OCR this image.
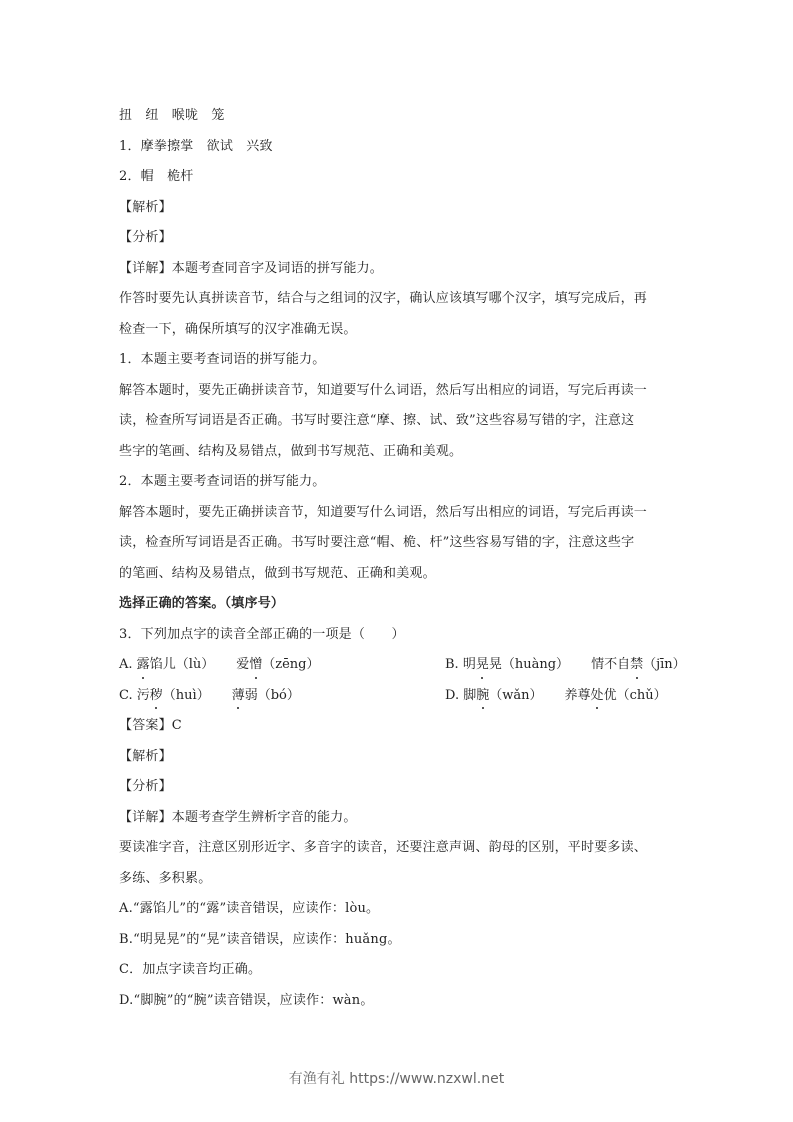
扭　纽　喉咙　笼
1．摩拳擦掌　欲试　兴致
2．帽　桅杆
【解析】
【分析】
【详解】本题考查同音字及词语的拼写能力。
作答时要先认真拼读音节，结合与之组词的汉字，确认应该填写哪个汉字，填写完成后，再
检查一下，确保所填写的汉字准确无误。
1．本题主要考查词语的拼写能力。
解答本题时，要先正确拼读音节，知道要写什么词语，然后写出相应的词语，写完后再读一
读，检查所写词语是否正确。书写时要注意“摩、擦、试、致”这些容易写错的字，注意这
些字的笔画、结构及易错点，做到书写规范、正确和美观。
2．本题主要考查词语的拼写能力。
解答本题时，要先正确拼读音节，知道要写什么词语，然后写出相应的词语，写完后再读一
读，检查所写词语是否正确。书写时要注意“帽、桅、杆”这些容易写错的字，注意这些字
的笔画、结构及易错点，做到书写规范、正确和美观。
选择正确的答案。（填序号）
3．下列加点字的读音全部正确的一项是（　　）
A. 露馅儿（lù） 爱憎（zēng）	B. 明晃晃（huàng） 情不自禁（jīn）
C. 污秽（huì） 薄弱（bó）	D. 脚腕（wǎn） 养尊处优（chǔ）
【答案】C
【解析】
【分析】
【详解】本题考查学生辨析字音的能力。
要读准字音，注意区别形近字、多音字的读音，还要注意声调、韵母的区别，平时要多读、
多练、多积累。
A.“露馅儿”的“露”读音错误，应读作：lòu。
B.“明晃晃”的“晃”读音错误，应读作：huǎng。
C．加点字读音均正确。
D.“脚腕”的“腕”读音错误，应读作：wàn。
有渔有礼 https://www.nzxwl.net
